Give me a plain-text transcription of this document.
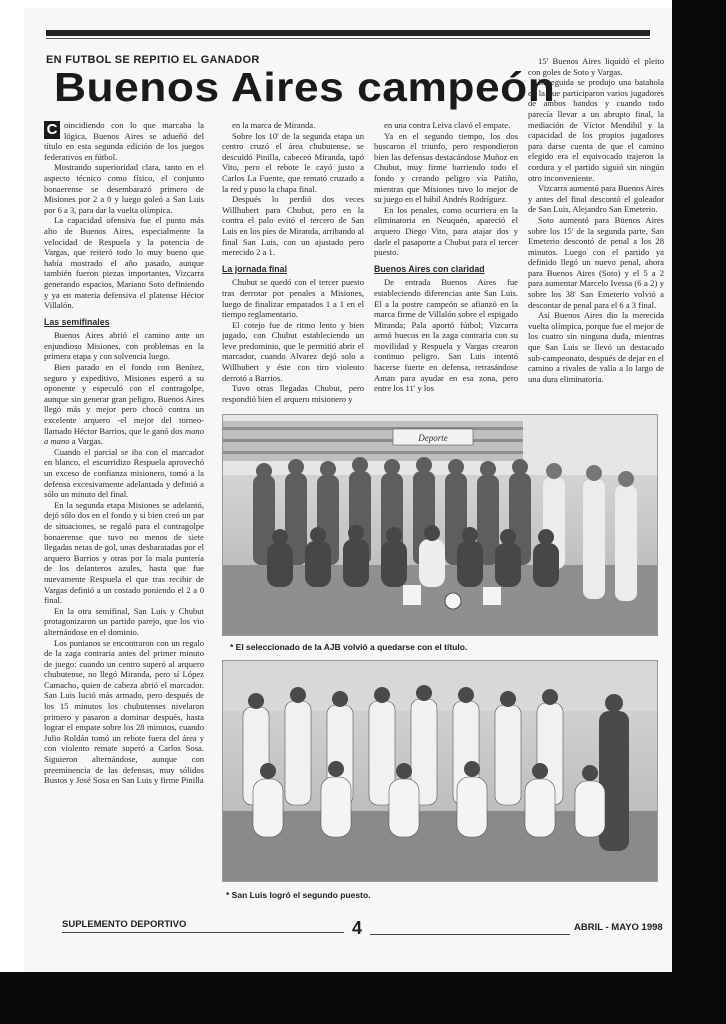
EN FUTBOL SE REPITIO EL GANADOR
Buenos Aires campeón

C oincidiendo con lo que marcaba la lógica, Buenos Aires se adueñó del título en esta segunda edición de los juegos federativos en fútbol.

Mostrando superioridad clara, tanto en el aspecto técnico como físico, el conjunto bonaerense se desembarazó primero de Misiones por 2 a 0 y luego goleó a San Luis por 6 a 3, para dar la vuelta olímpica.

La capacidad ofensiva fue el punto más alto de Buenos Aires, especialmente la velocidad de Respuela y la potencia de Vargas, que reiteró todo lo muy bueno que había mostrado el año pasado, aunque también fueron piezas importantes, Vizcarra generando espacios, Mariano Soto definiendo y ya en materia defensiva el platense Héctor Villalón.

Las semifinales

Buenos Aires abrió el camino ante un enjundioso Misiones, con problemas en la primera etapa y con solvencia luego.

Bien parado en el fondo con Benítez, seguro y expeditivo, Misiones esperó a su oponente y especuló con el contragolpe, aunque sin generar gran peligro. Buenos Aires llegó más y mejor pero chocó contra un excelente arquero -el mejor del torneo- llamado Héctor Barrios, que le ganó dos mano a mano a Vargas.

Cuando el parcial se iba con el marcador en blanco, el escurridizo Respuela aprovechó un exceso de confianza misionero, tomó a la defensa excesivamente adelantada y definió a sólo un minuto del final.

En la segunda etapa Misiones se adelantó, dejó sólo dos en el fondo y si bien creó un par de situaciones, se regaló para el contragolpe bonaerense que tuvo no menos de siete llegadas netas de gol, unas desbaratadas por el arquero Barrios y otras por la mala puntería de los delanteros azules, hasta que fue nuevamente Respuela el que tras recibir de Vargas definió a un costado poniendo el 2 a 0 final.

En la otra semifinal, San Luis y Chubut protagonizaron un partido parejo, que los vio alternándose en el dominio.

Los puntanos se encontraron con un regalo de la zaga contraria antes del primer minuto de juego: cuando un centro superó al arquero chubutense, no llegó Miranda, pero sí López Camacho, quien de cabeza abrió el marcador. San Luis lució más armado, pero después de los 15 minutos los chubutenses nivelaron primero y pasaron a dominar después, hasta lograr el empate sobre los 28 minutos, cuando Julio Roldán tomó un rebote fuera del área y con violento remate superó a Carlos Sosa. Siguieron alternándose, aunque con preeminencia de las defensas, muy sólidos Bustos y José Sosa en San Luis y firme Pinilla

en la marca de Miranda.

Sobre los 10' de la segunda etapa un centro cruzó el área chubutense, se descuidó Pinilla, cabeceó Miranda, tapó Vito, pero el rebote le cayó justo a Carlos La Fuente, que remató cruzado a la red y puso la chapa final.

Después lo perdió dos veces Willhubert para Chubut, pero en la contra el palo evitó el tercero de San Luis en los pies de Miranda, arribando al final San Luis, con un ajustado pero merecido 2 a 1.

La jornada final

Chubut se quedó con el tercer puesto tras derrotar por penales a Misiones, luego de finalizar empatados 1 a 1 en el tiempo reglamentario.

El cotejo fue de ritmo lento y bien jugado, con Chubut estableciendo un leve predominio, que le permitió abrir el marcador, cuando Alvarez dejó solo a Willhubert y éste con tiro violento derrotó a Barrios.

Tuvo otras llegadas Chubut, pero respondió bien el arquero misionero y

en una contra Leiva clavó el empate.

Ya en el segundo tiempo, los dos buscaron el triunfo, pero respondieron bien las defensas destacándose Muñoz en Chubut, muy firme barriendo todo el fondo y creando peligro vía Patiño, mientras que Misiones tuvo lo mejor de su juego en el hábil Andrés Rodríguez.

En los penales, como ocurriera en la eliminatoria en Neuquén, apareció el arquero Diego Vito, para atajar dos y darle el pasaporte a Chubut para el tercer puesto.

Buenos Aires con claridad

De entrada Buenos Aires fue estableciendo diferencias ante San Luis. El a la postre campeón se afianzó en la marca firme de Villalón sobre el espigado Miranda; Pala aportó fútbol; Vizcarra armó huecos en la zaga contraria con su movilidad y Respuela y Vargas crearon continuo peligro. San Luis intentó hacerse fuerte en defensa, retrasándose Aman para ayudar en esa zona, pero entre los 11' y los

15' Buenos Aires liquidó el pleito con goles de Soto y Vargas.

Enseguida se produjo una batahola en la que participaron varios jugadores de ambos bandos y cuando todo parecía llevar a un abrupto final, la mediación de Víctor Mendibil y la capacidad de los propios jugadores para darse cuenta de que el camino elegido era el equivocado trajeron la cordura y el partido siguió sin ningún otro inconveniente.

Vizcarra aumentó para Buenos Aires y antes del final descontó el goleador de San Luis, Alejandro San Emeterio.

Soto aumentó para Buenos Aires sobre los 15' de la segunda parte, San Emeterio descontó de penal a los 28 minutos. Luego con el partido ya definido llegó un nuevo penal, ahora para Buenos Aires (Soto) y el 5 a 2 para aumentar Marcelo Ivessa (6 a 2) y sobre los 38' San Emeterio volvió a descontar de penal para el 6 a 3 final.

Así Buenos Aires dio la merecida vuelta olímpica, porque fue el mejor de los cuatro sin ninguna duda, mientras que San Luis se llevó un destacado sub-campeonato, después de dejar en el camino a rivales de valía a lo largo de una dura eliminatoria.

Deporte
* El seleccionado de la AJB volvió a quedarse con el título.
* San Luis logró el segundo puesto.
SUPLEMENTO DEPORTIVO	4	ABRIL - MAYO 1998
